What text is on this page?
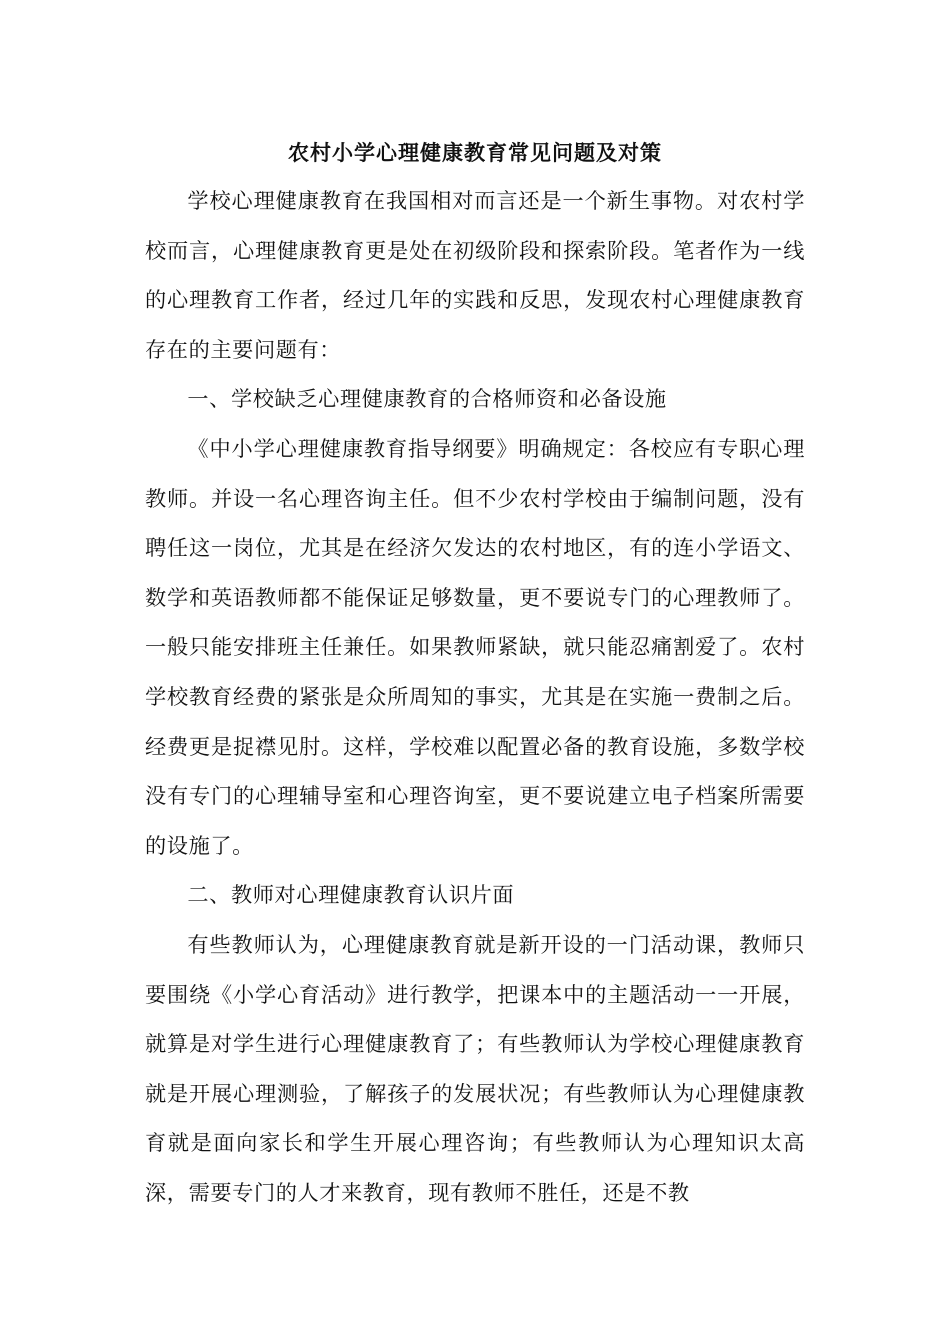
农村小学心理健康教育常见问题及对策

学校心理健康教育在我国相对而言还是一个新生事物。对农村学校而言，心理健康教育更是处在初级阶段和探索阶段。笔者作为一线的心理教育工作者，经过几年的实践和反思，发现农村心理健康教育存在的主要问题有：

一、学校缺乏心理健康教育的合格师资和必备设施

《中小学心理健康教育指导纲要》明确规定：各校应有专职心理教师。并设一名心理咨询主任。但不少农村学校由于编制问题，没有聘任这一岗位，尤其是在经济欠发达的农村地区，有的连小学语文、数学和英语教师都不能保证足够数量，更不要说专门的心理教师了。一般只能安排班主任兼任。如果教师紧缺，就只能忍痛割爱了。农村学校教育经费的紧张是众所周知的事实，尤其是在实施一费制之后。经费更是捉襟见肘。这样，学校难以配置必备的教育设施，多数学校没有专门的心理辅导室和心理咨询室，更不要说建立电子档案所需要的设施了。

二、教师对心理健康教育认识片面

有些教师认为，心理健康教育就是新开设的一门活动课，教师只要围绕《小学心育活动》进行教学，把课本中的主题活动一一开展，就算是对学生进行心理健康教育了；有些教师认为学校心理健康教育就是开展心理测验，了解孩子的发展状况；有些教师认为心理健康教育就是面向家长和学生开展心理咨询；有些教师认为心理知识太高深，需要专门的人才来教育，现有教师不胜任，还是不教
